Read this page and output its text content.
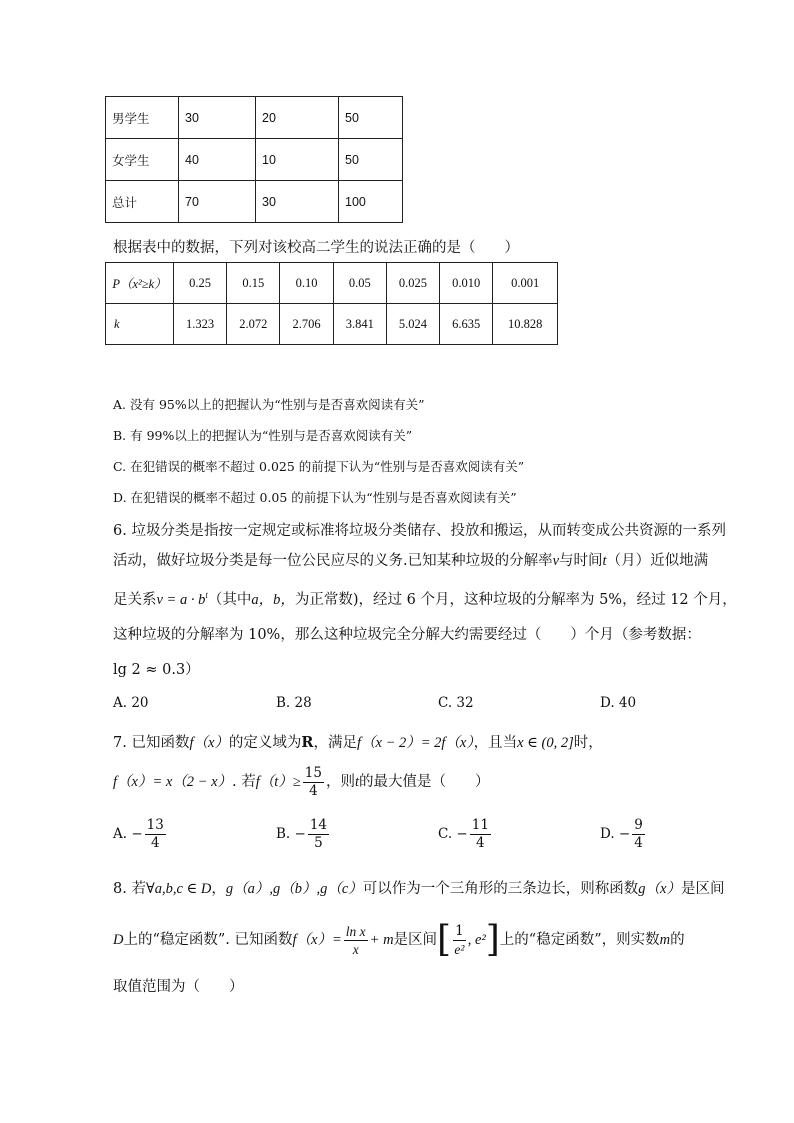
男学生	30	20	50
女学生	40	10	50
总计	70	30	100
根据表中的数据，下列对该校高二学生的说法正确的是（　　）
P（x²≥k）	0.25	0.15	0.10	0.05	0.025	0.010	0.001
k	1.323	2.072	2.706	3.841	5.024	6.635	10.828
A. 没有 95%以上的把握认为“性别与是否喜欢阅读有关”
B. 有 99%以上的把握认为“性别与是否喜欢阅读有关”
C. 在犯错误的概率不超过 0.025 的前提下认为“性别与是否喜欢阅读有关”
D. 在犯错误的概率不超过 0.05 的前提下认为“性别与是否喜欢阅读有关”
6. 垃圾分类是指按一定规定或标准将垃圾分类储存、投放和搬运，从而转变成公共资源的一系列
活动，做好垃圾分类是每一位公民应尽的义务.已知某种垃圾的分解率v与时间t（月）近似地满
足关系$v = a \cdot b^t$（其中a，b，为正常数)，经过 6 个月，这种垃圾的分解率为 5%，经过 12 个月，
这种垃圾的分解率为 10%，那么这种垃圾完全分解大约需要经过（　　）个月（参考数据：
lg 2 ≈ 0.3）
A. 20	B. 28	C. 32	D. 40
7. 已知函数f（x）的定义域为R，满足f（x − 2）= 2f（x），且当x ∈ (0, 2]时，
f（x）= x（2 − x）. 若$f(t)\ge \frac{15}{4}$ ，则t的最大值是（　　）
A. − $\frac{13}{4}$	B. − $\frac{14}{5}$	C. − $\frac{11}{4}$	D. − $\frac{9}{4}$
8. 若∀a,b,c ∈ D，g（a）,g（b）,g（c）可以作为一个三角形的三条边长，则称函数g（x）是区间
D上的“稳定函数”. 已知函数$f(x)= \frac{\text{ln x}}{x} + m$是区间[ $\frac{1}{\text{e²}}$ , e²]上的“稳定函数”，则实数m的
取值范围为（　　）
